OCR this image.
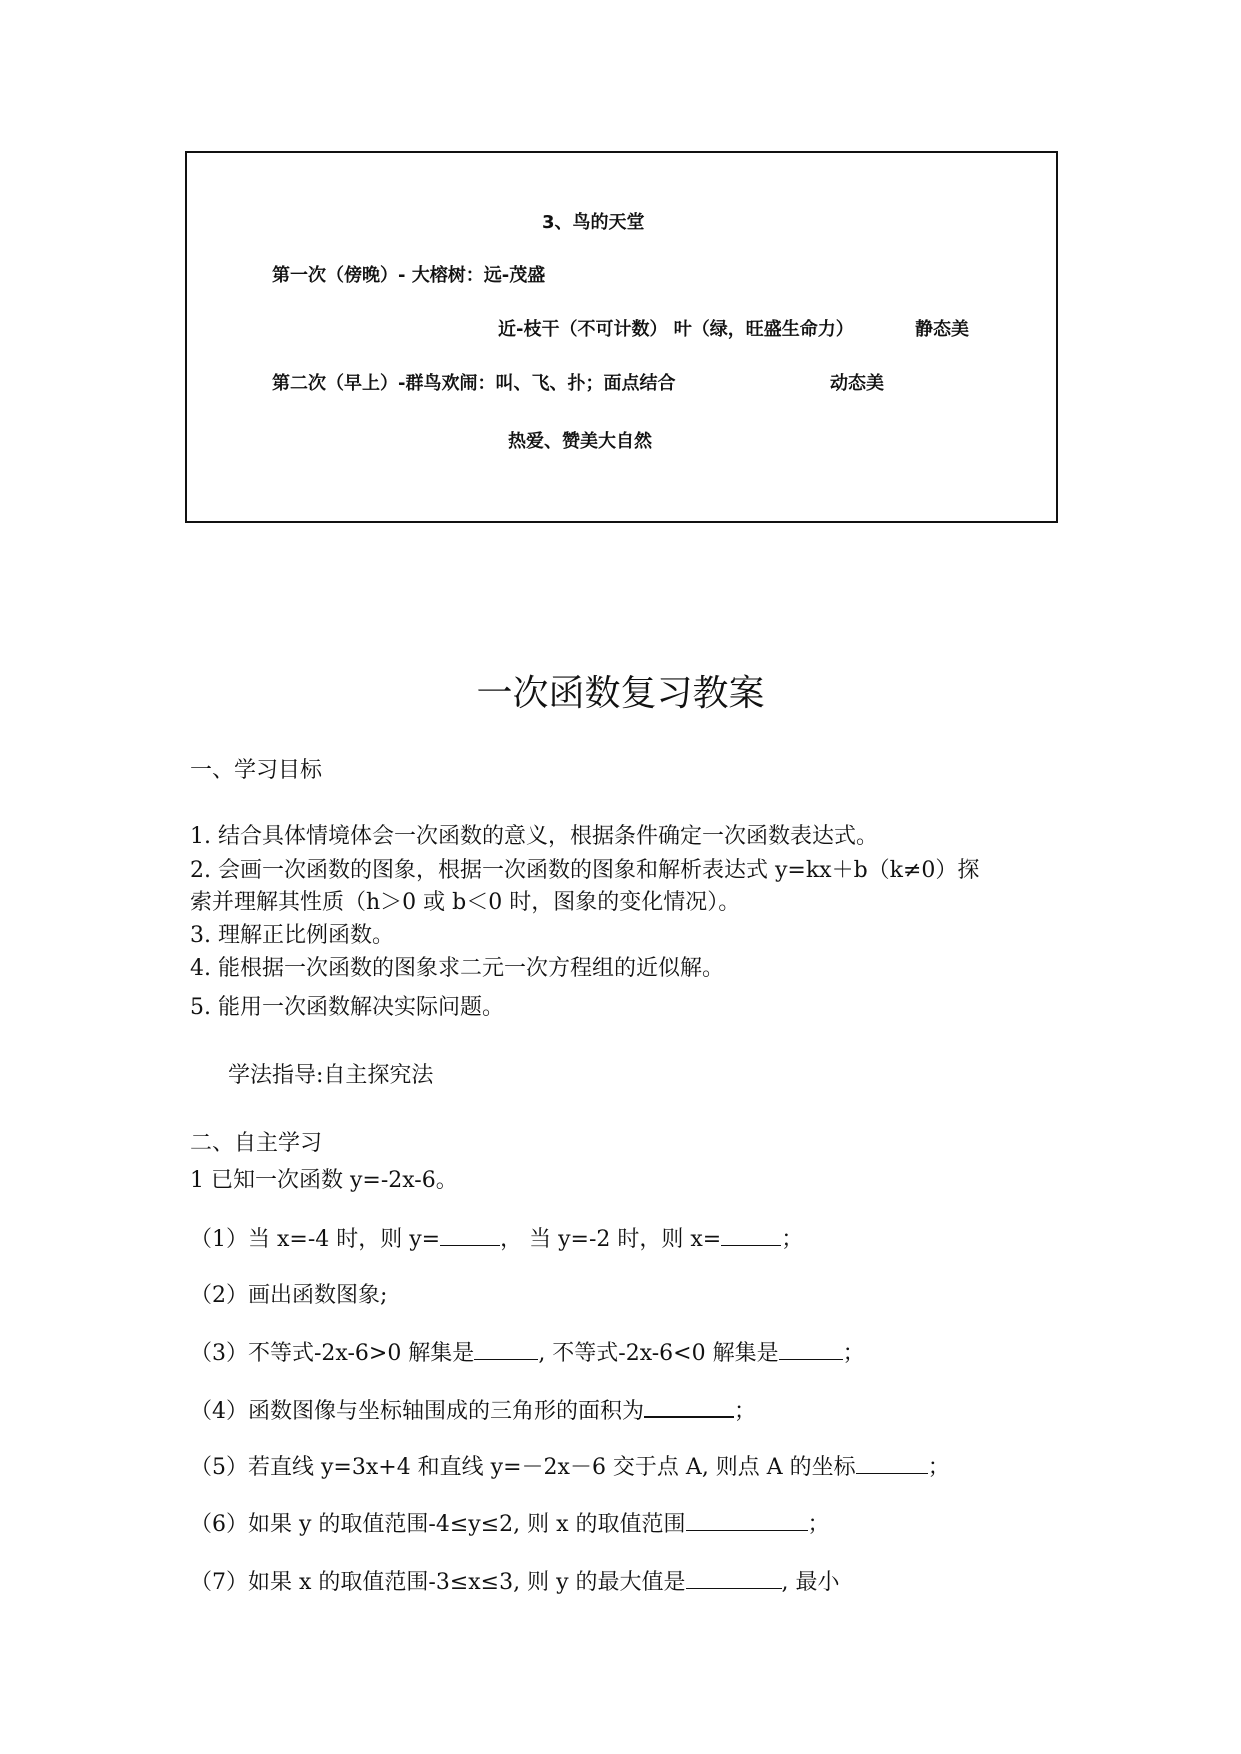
3、鸟的天堂
第一次（傍晚）- 大榕树：远-茂盛
近-枝干（不可计数） 叶（绿，旺盛生命力）	静态美
第二次（早上）-群鸟欢闹：叫、飞、扑；面点结合	动态美
热爱、赞美大自然
一次函数复习教案
一、学习目标
1. 结合具体情境体会一次函数的意义，根据条件确定一次函数表达式。
2. 会画一次函数的图象，根据一次函数的图象和解析表达式 y=kx＋b（k≠0）探
索并理解其性质（h＞0 或 b＜0 时，图象的变化情况）。
3. 理解正比例函数。
4. 能根据一次函数的图象求二元一次方程组的近似解。
5. 能用一次函数解决实际问题。
学法指导:自主探究法
二、自主学习
1 已知一次函数 y=-2x-6。
（1）当 x=-4 时，则 y=	， 当 y=-2 时，则 x=	；
（2）画出函数图象;
（3）不等式-2x-6>0 解集是	, 不等式-2x-6<0 解集是	；
（4）函数图像与坐标轴围成的三角形的面积为	；
（5）若直线 y=3x+4 和直线 y=－2x－6 交于点 A, 则点 A 的坐标	；
（6）如果 y 的取值范围-4≤y≤2, 则 x 的取值范围	；
（7）如果 x 的取值范围-3≤x≤3, 则 y 的最大值是	, 最小
